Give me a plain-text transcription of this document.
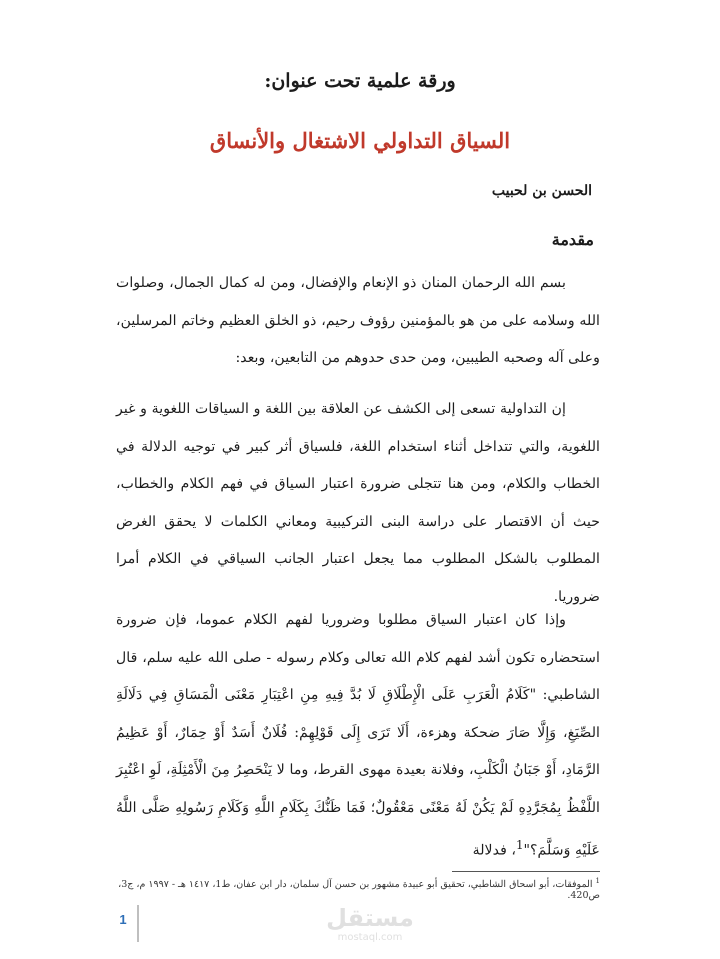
ورقة علمية تحت عنوان:
السياق التداولي الاشتغال والأنساق
الحسن بن لحبيب
مقدمة
بسم الله الرحمان المنان ذو الإنعام والإفضال، ومن له كمال الجمال، وصلوات الله وسلامه على من هو بالمؤمنين رؤوف رحيم، ذو الخلق العظيم وخاتم المرسلين، وعلى آله وصحبه الطيبين، ومن حدى حدوهم من التابعين، وبعد:
إن التداولية تسعى إلى الكشف عن العلاقة بين اللغة و السياقات اللغوية و غير اللغوية، والتي تتداخل أثناء استخدام اللغة، فلسياق أثر كبير في توجيه الدلالة في الخطاب والكلام، ومن هنا تتجلى ضرورة اعتبار السياق في فهم الكلام والخطاب، حيث أن الاقتصار على دراسة البنى التركيبية ومعاني الكلمات لا يحقق الغرض المطلوب بالشكل المطلوب مما يجعل اعتبار الجانب السياقي في الكلام أمرا ضروريا.
وإذا كان اعتبار السياق مطلوبا وضروريا لفهم الكلام عموما، فإن ضرورة استحضاره تكون أشد لفهم كلام الله تعالى وكلام رسوله - صلى الله عليه سلم، قال الشاطبي: "كَلَامُ الْعَرَبِ عَلَى الْإِطْلَاقِ لَا بُدَّ فِيهِ مِنِ اعْتِبَارِ مَعْنَى الْمَسَاقِ فِي دَلَالَةِ الصِّيَغِ، وَإِلَّا صَارَ ضحكة وهزءة، أَلَا تَرَى إِلَى قَوْلِهِمْ: فُلَانٌ أَسَدٌ أَوْ حِمَارٌ، أَوْ عَظِيمُ الرَّمَادِ، أَوْ جَبَانُ الْكَلْبِ، وفلانة بعيدة مهوى القرط، وما لا يَنْحَصِرُ مِنَ الْأَمْثِلَةِ، لَوِ اعْتُبِرَ اللَّفْظُ بِمُجَرَّدِهِ لَمْ يَكُنْ لَهُ مَعْنًى مَعْقُولٌ؛ فَمَا ظَنُّكَ بِكَلَامِ اللَّهِ وَكَلَامِ رَسُولِهِ صَلَّى اللَّهُ عَلَيْهِ وَسَلَّمَ؟"$^1$، فدلالة
$^1$ الموفقات، أبو اسحاق الشاطبي، تحقيق أبو عبيدة مشهور بن حسن آل سلمان، دار ابن عفان، ط1، ١٤١٧ هـ - ١٩٩٧ م، ج3، ص420.
مستقل
mostaql.com
1
